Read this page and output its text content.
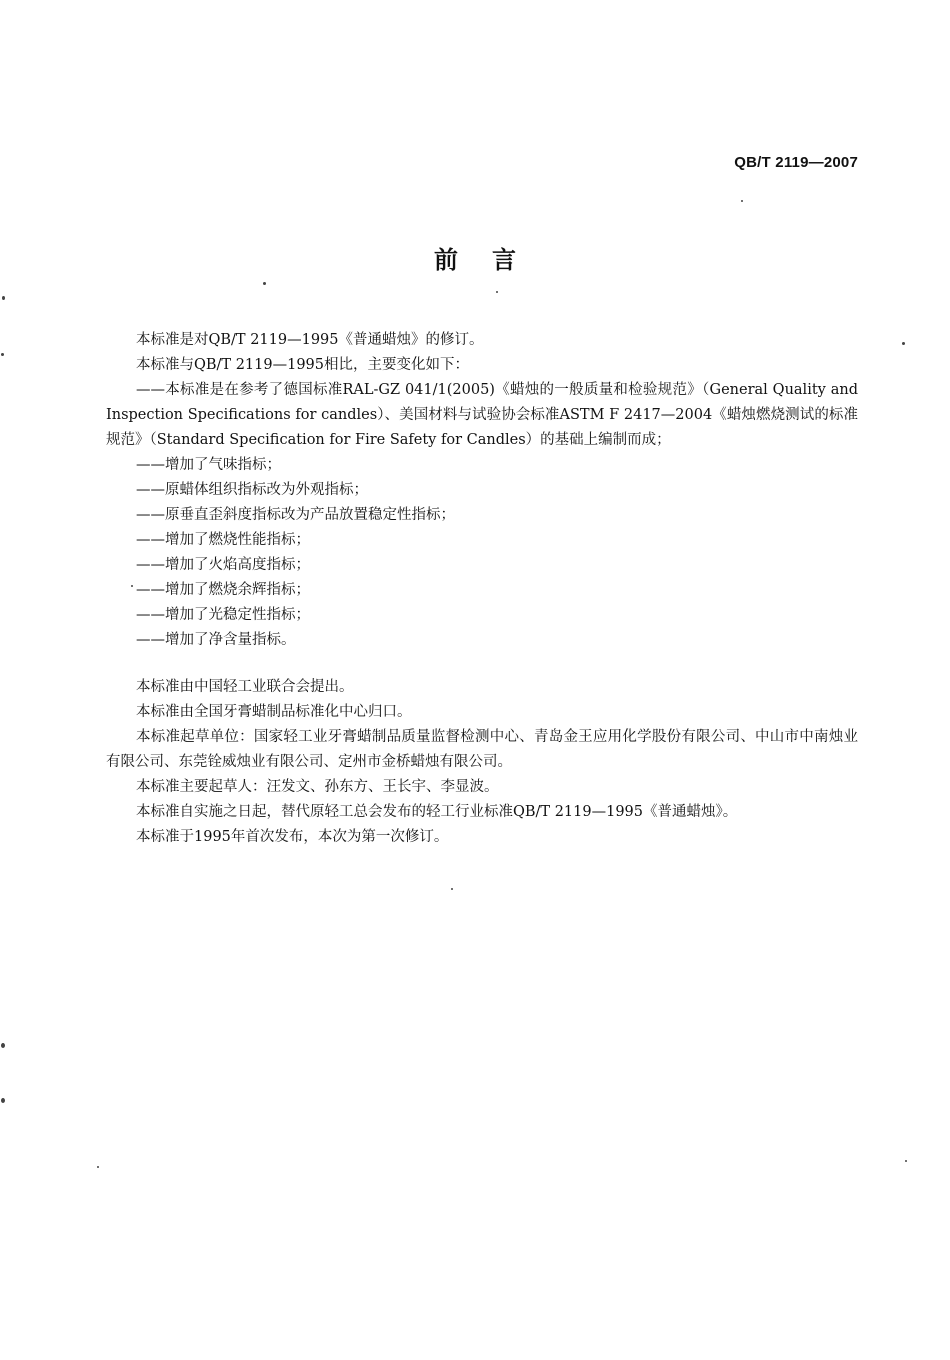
QB/T 2119—2007
前言

本标准是对QB/T 2119—1995《普通蜡烛》的修订。

本标准与QB/T 2119—1995相比，主要变化如下：

——本标准是在参考了德国标准RAL-GZ 041/1(2005)《蜡烛的一般质量和检验规范》（General Quality and Inspection Specifications for candles）、美国材料与试验协会标准ASTM F 2417—2004《蜡烛燃烧测试的标准规范》（Standard Specification for Fire Safety for Candles）的基础上编制而成；

——增加了气味指标；

——原蜡体组织指标改为外观指标；

——原垂直歪斜度指标改为产品放置稳定性指标；

——增加了燃烧性能指标；

——增加了火焰高度指标；

——增加了燃烧余辉指标；

——增加了光稳定性指标；

——增加了净含量指标。

本标准由中国轻工业联合会提出。

本标准由全国牙膏蜡制品标准化中心归口。

本标准起草单位：国家轻工业牙膏蜡制品质量监督检测中心、青岛金王应用化学股份有限公司、中山市中南烛业有限公司、东莞铨威烛业有限公司、定州市金桥蜡烛有限公司。

本标准主要起草人：汪发文、孙东方、王长宇、李显波。

本标准自实施之日起，替代原轻工总会发布的轻工行业标准QB/T 2119—1995《普通蜡烛》。

本标准于1995年首次发布，本次为第一次修订。
